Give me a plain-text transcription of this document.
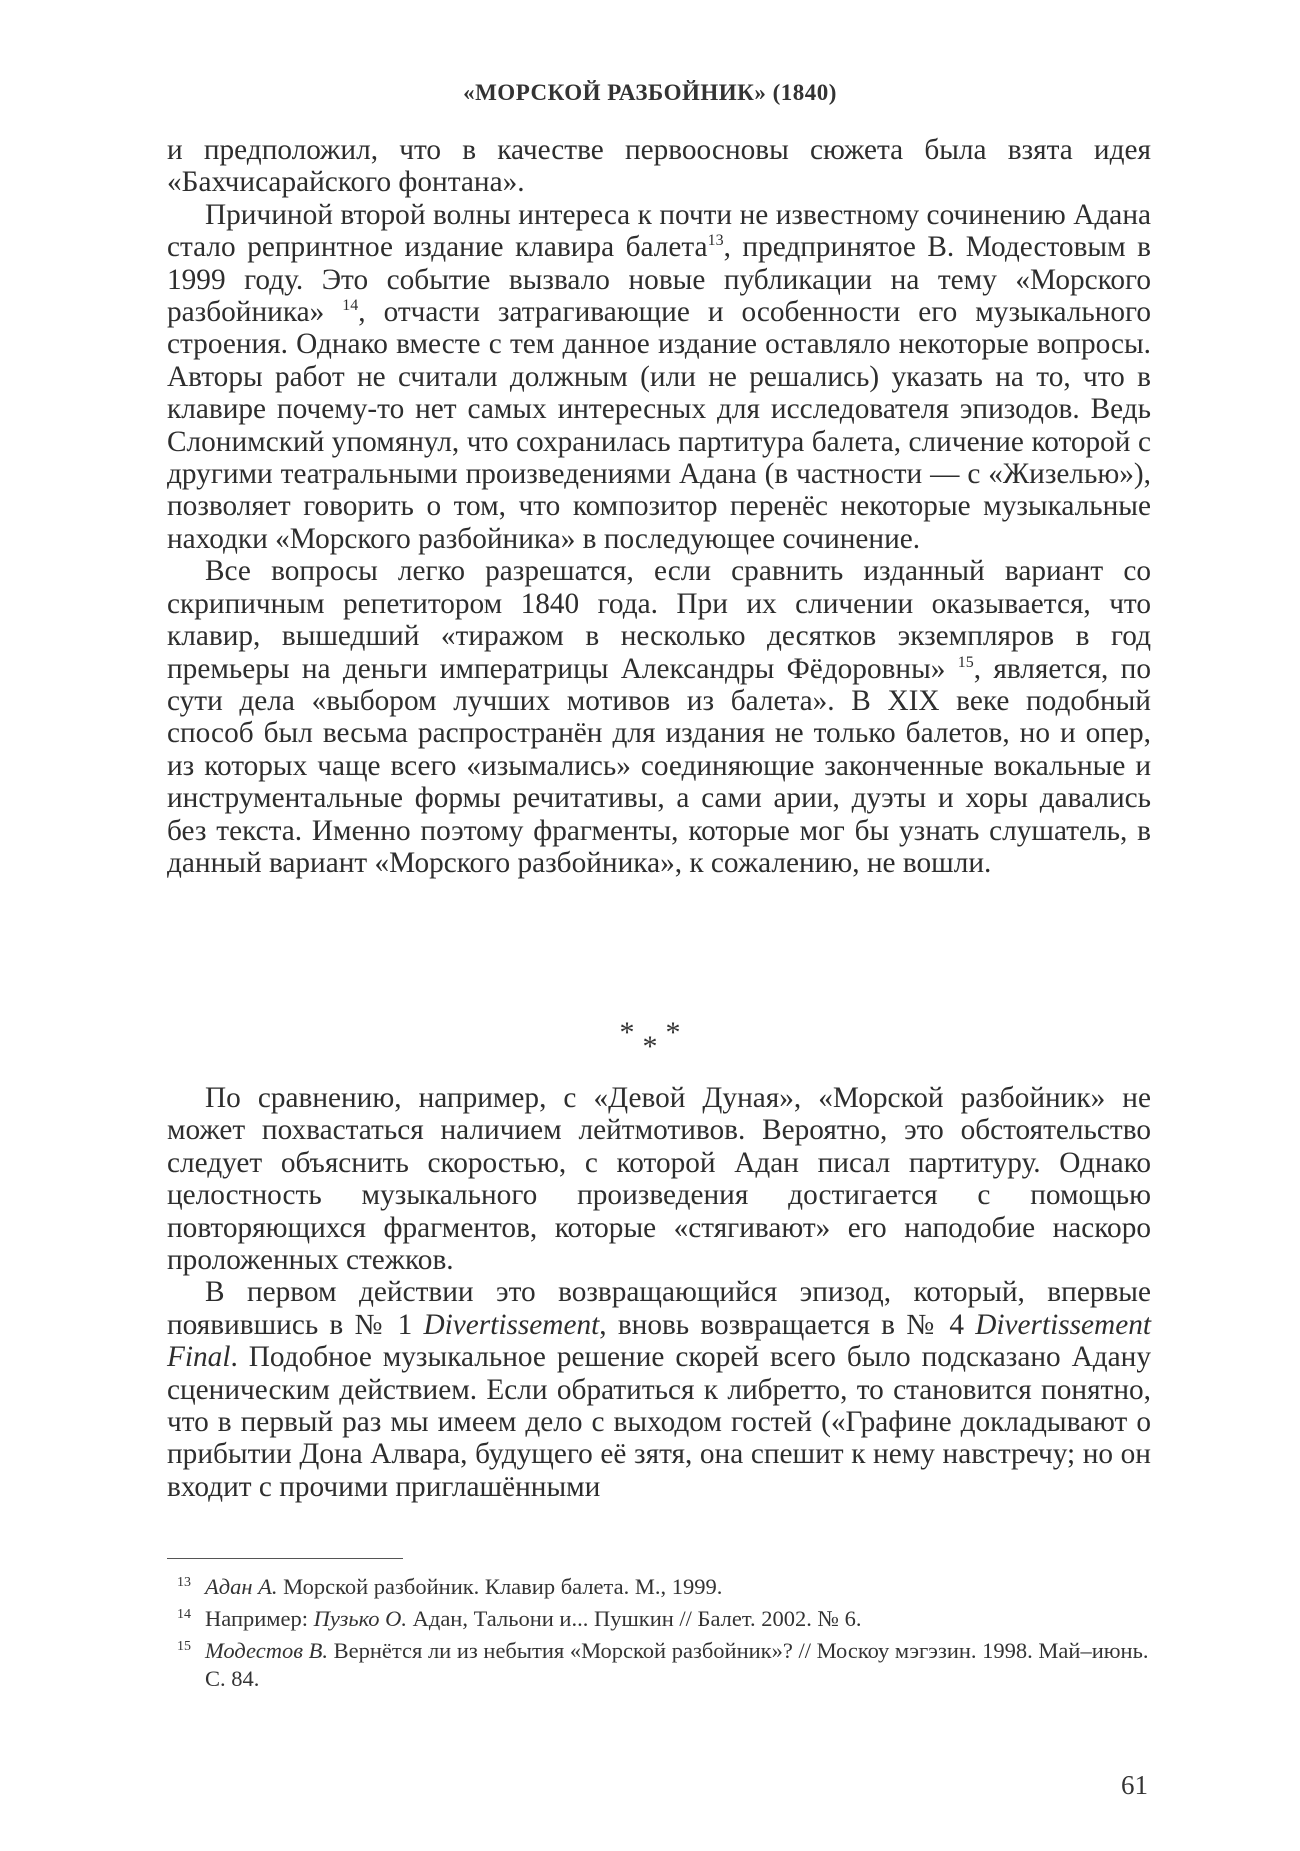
«МОРСКОЙ РАЗБОЙНИК» (1840)

и предположил, что в качестве первоосновы сюжета была взята идея «Бахчисарайского фонтана».

Причиной второй волны интереса к почти не известному сочинению Адана стало репринтное издание клавира балета$^{13}$, предпринятое В. Модестовым в 1999 году. Это событие вызвало новые публикации на тему «Морского разбойника» $^{14}$, отчасти затрагивающие и особенности его музыкального строения. Однако вместе с тем данное издание оставляло некоторые вопросы. Авторы работ не считали должным (или не решались) указать на то, что в клавире почему-то нет самых интересных для исследователя эпизодов. Ведь Слонимский упомянул, что сохранилась партитура балета, сличение которой с другими театральными произведениями Адана (в частности — с «Жизелью»), позволяет говорить о том, что композитор перенёс некоторые музыкальные находки «Морского разбойника» в последующее сочинение.

Все вопросы легко разрешатся, если сравнить изданный вариант со скрипичным репетитором 1840 года. При их сличении оказывается, что клавир, вышедший «тиражом в несколько десятков экземпляров в год премьеры на деньги императрицы Александры Фёдоровны» $^{15}$, является, по сути дела «выбором лучших мотивов из балета». В XIX веке подобный способ был весьма распространён для издания не только балетов, но и опер, из которых чаще всего «изымались» соединяющие законченные вокальные и инструментальные формы речитативы, а сами арии, дуэты и хоры давались без текста. Именно поэтому фрагменты, которые мог бы узнать слушатель, в данный вариант «Морского разбойника», к сожалению, не вошли.

* * *

По сравнению, например, с «Девой Дуная», «Морской разбойник» не может похвастаться наличием лейтмотивов. Вероятно, это обстоятельство следует объяснить скоростью, с которой Адан писал партитуру. Однако целостность музыкального произведения достигается с помощью повторяющихся фрагментов, которые «стягивают» его наподобие наскоро проложенных стежков.

В первом действии это возвращающийся эпизод, который, впервые появившись в № 1 Divertissement, вновь возвращается в № 4 Divertissement Final. Подобное музыкальное решение скорей всего было подсказано Адану сценическим действием. Если обратиться к либретто, то становится понятно, что в первый раз мы имеем дело с выходом гостей («Графине докладывают о прибытии Дона Алвара, будущего её зятя, она спешит к нему навстречу; но он входит с прочими приглашёнными

13 Адан А. Морской разбойник. Клавир балета. М., 1999.
14 Например: Пузько О. Адан, Тальони и... Пушкин // Балет. 2002. № 6.
15 Модестов В. Вернётся ли из небытия «Морской разбойник»? // Москоу мэгэзин. 1998. Май–июнь. С. 84.
61
